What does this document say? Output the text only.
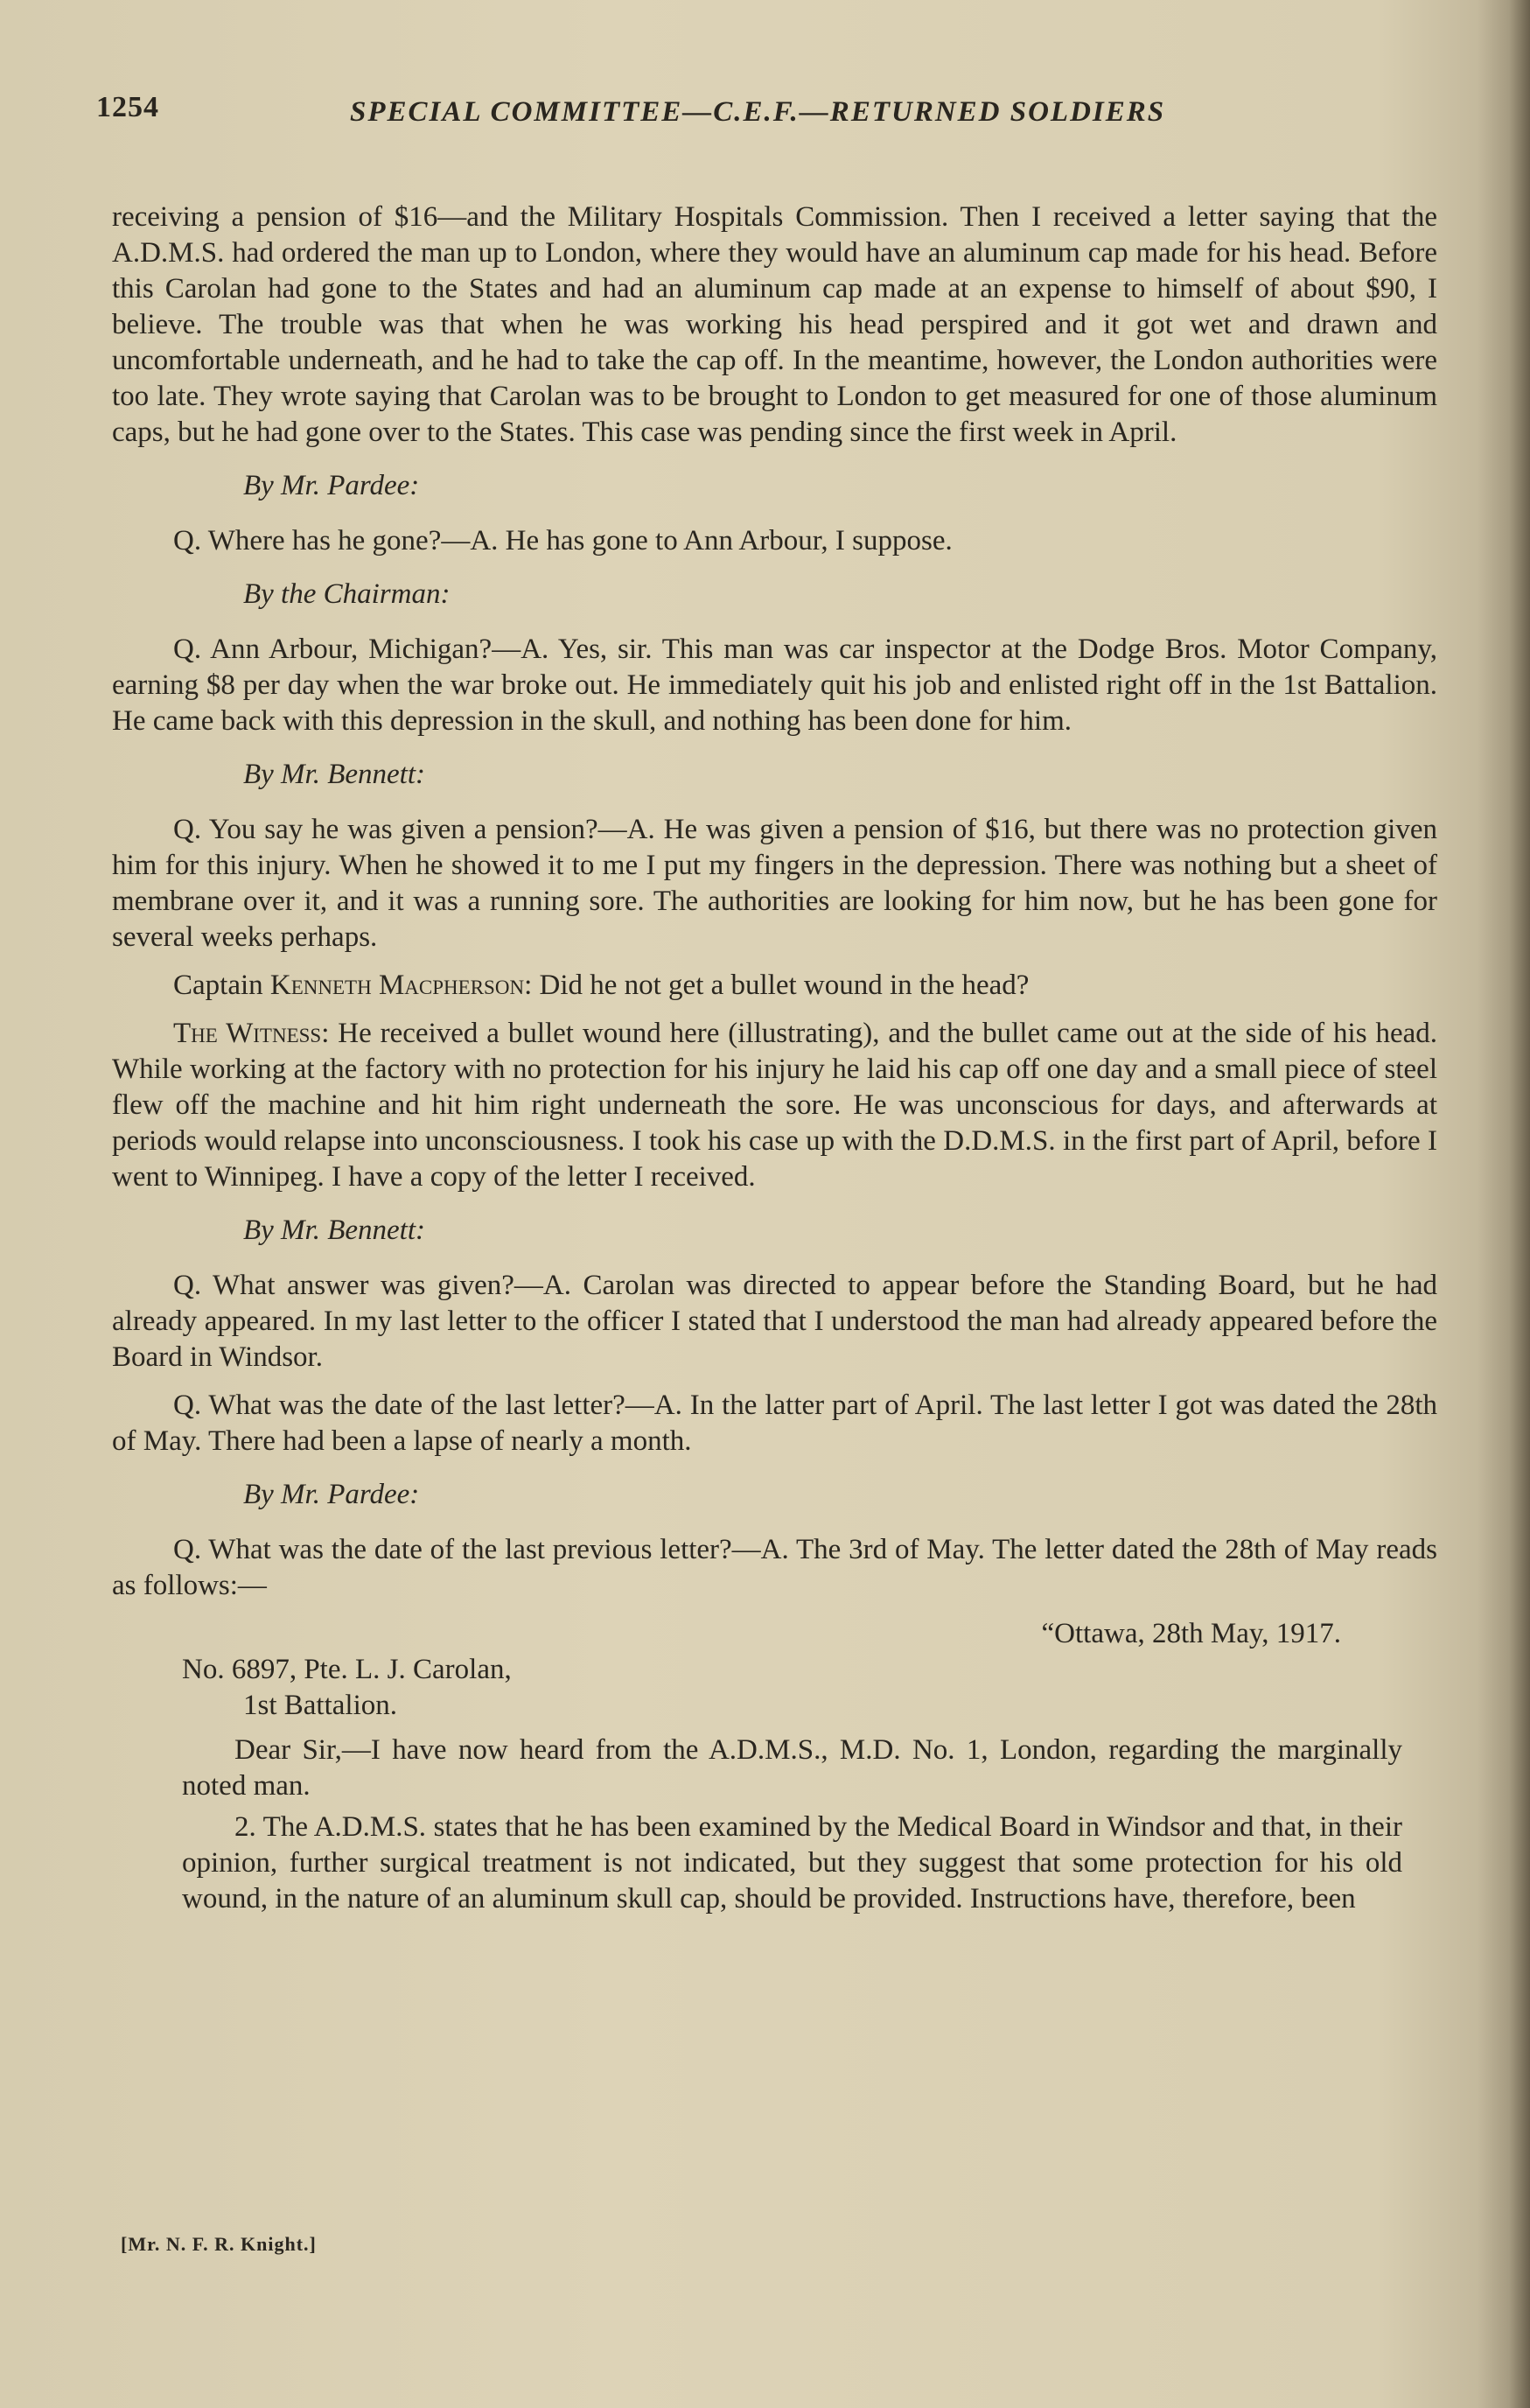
1254	SPECIAL COMMITTEE—C.E.F.—RETURNED SOLDIERS

receiving a pension of $16—and the Military Hospitals Commission. Then I received a letter saying that the A.D.M.S. had ordered the man up to London, where they would have an aluminum cap made for his head. Before this Carolan had gone to the States and had an aluminum cap made at an expense to himself of about $90, I believe. The trouble was that when he was working his head perspired and it got wet and drawn and uncomfortable underneath, and he had to take the cap off. In the meantime, however, the London authorities were too late. They wrote saying that Carolan was to be brought to London to get measured for one of those aluminum caps, but he had gone over to the States. This case was pending since the first week in April.

By Mr. Pardee:

Q. Where has he gone?—A. He has gone to Ann Arbour, I suppose.

By the Chairman:

Q. Ann Arbour, Michigan?—A. Yes, sir. This man was car inspector at the Dodge Bros. Motor Company, earning $8 per day when the war broke out. He immediately quit his job and enlisted right off in the 1st Battalion. He came back with this depression in the skull, and nothing has been done for him.

By Mr. Bennett:

Q. You say he was given a pension?—A. He was given a pension of $16, but there was no protection given him for this injury. When he showed it to me I put my fingers in the depression. There was nothing but a sheet of membrane over it, and it was a running sore. The authorities are looking for him now, but he has been gone for several weeks perhaps.

Captain Kenneth Macpherson: Did he not get a bullet wound in the head?

The Witness: He received a bullet wound here (illustrating), and the bullet came out at the side of his head. While working at the factory with no protection for his injury he laid his cap off one day and a small piece of steel flew off the machine and hit him right underneath the sore. He was unconscious for days, and afterwards at periods would relapse into unconsciousness. I took his case up with the D.D.M.S. in the first part of April, before I went to Winnipeg. I have a copy of the letter I received.

By Mr. Bennett:

Q. What answer was given?—A. Carolan was directed to appear before the Standing Board, but he had already appeared. In my last letter to the officer I stated that I understood the man had already appeared before the Board in Windsor.

Q. What was the date of the last letter?—A. In the latter part of April. The last letter I got was dated the 28th of May. There had been a lapse of nearly a month.

By Mr. Pardee:

Q. What was the date of the last previous letter?—A. The 3rd of May. The letter dated the 28th of May reads as follows:—

“Ottawa, 28th May, 1917.

No. 6897, Pte. L. J. Carolan,

1st Battalion.

Dear Sir,—I have now heard from the A.D.M.S., M.D. No. 1, London, regarding the marginally noted man.

2. The A.D.M.S. states that he has been examined by the Medical Board in Windsor and that, in their opinion, further surgical treatment is not indicated, but they suggest that some protection for his old wound, in the nature of an aluminum skull cap, should be provided. Instructions have, therefore, been

[Mr. N. F. R. Knight.]
